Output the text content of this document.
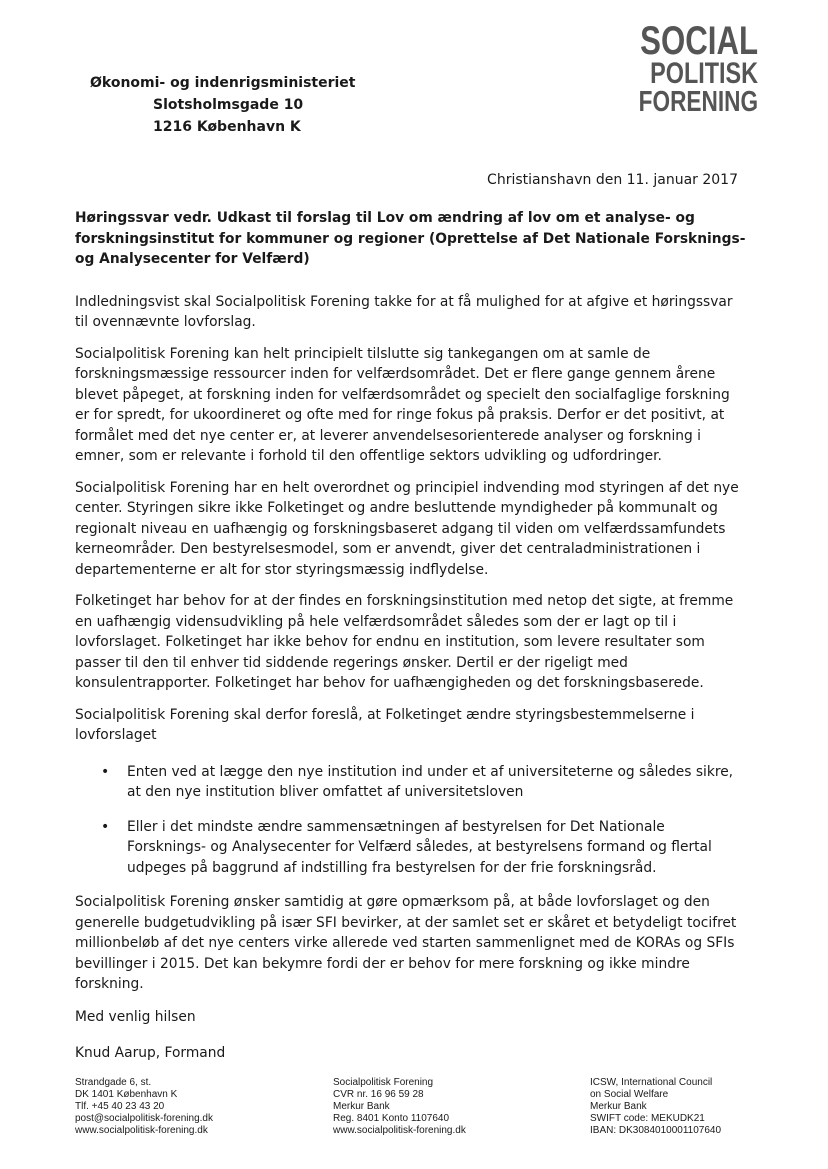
SOCIAL
POLITISK
FORENING
Økonomi- og indenrigsministeriet
Slotsholmsgade 10
1216 København K
Christianshavn den 11. januar 2017

Høringssvar vedr. Udkast til forslag til Lov om ændring af lov om et analyse- og forskningsinstitut for kommuner og regioner (Oprettelse af Det Nationale Forsknings- og Analysecenter for Velfærd)

Indledningsvist skal Socialpolitisk Forening takke for at få mulighed for at afgive et høringssvar til ovennævnte lovforslag.

Socialpolitisk Forening kan helt principielt tilslutte sig tankegangen om at samle de forskningsmæssige ressourcer inden for velfærdsområdet. Det er flere gange gennem årene blevet påpeget, at forskning inden for velfærdsområdet og specielt den socialfaglige forskning er for spredt, for ukoordineret og ofte med for ringe fokus på praksis. Derfor er det positivt, at formålet med det nye center er, at leverer anvendelsesorienterede analyser og forskning i emner, som er relevante i forhold til den offentlige sektors udvikling og udfordringer.

Socialpolitisk Forening har en helt overordnet og principiel indvending mod styringen af det nye center. Styringen sikre ikke Folketinget og andre besluttende myndigheder på kommunalt og regionalt niveau en uafhængig og forskningsbaseret adgang til viden om velfærdssamfundets kerneområder. Den bestyrelsesmodel, som er anvendt, giver det centraladministrationen i departementerne er alt for stor styringsmæssig indflydelse.

Folketinget har behov for at der findes en forskningsinstitution med netop det sigte, at fremme en uafhængig vidensudvikling på hele velfærdsområdet således som der er lagt op til i lovforslaget. Folketinget har ikke behov for endnu en institution, som levere resultater som passer til den til enhver tid siddende regerings ønsker. Dertil er der rigeligt med konsulentrapporter. Folketinget har behov for uafhængigheden og det forskningsbaserede.

Socialpolitisk Forening skal derfor foreslå, at Folketinget ændre styringsbestemmelserne i lovforslaget

• Enten ved at lægge den nye institution ind under et af universiteterne og således sikre, at den nye institution bliver omfattet af universitetsloven
• Eller i det mindste ændre sammensætningen af bestyrelsen for Det Nationale Forsknings- og Analysecenter for Velfærd således, at bestyrelsens formand og flertal udpeges på baggrund af indstilling fra bestyrelsen for der frie forskningsråd.

Socialpolitisk Forening ønsker samtidig at gøre opmærksom på, at både lovforslaget og den generelle budgetudvikling på især SFI bevirker, at der samlet set er skåret et betydeligt tocifret millionbeløb af det nye centers virke allerede ved starten sammenlignet med de KORAs og SFIs bevillinger i 2015. Det kan bekymre fordi der er behov for mere forskning og ikke mindre forskning.

Med venlig hilsen

Knud Aarup, Formand

Strandgade 6, st.
DK 1401 København K
Tlf. +45 40 23 43 20
post@socialpolitisk-forening.dk
www.socialpolitisk-forening.dk
Socialpolitisk Forening
CVR nr. 16 96 59 28
Merkur Bank
Reg. 8401 Konto 1107640
www.socialpolitisk-forening.dk
ICSW, International Council
on Social Welfare
Merkur Bank
SWIFT code: MEKUDK21
IBAN: DK3084010001107640
